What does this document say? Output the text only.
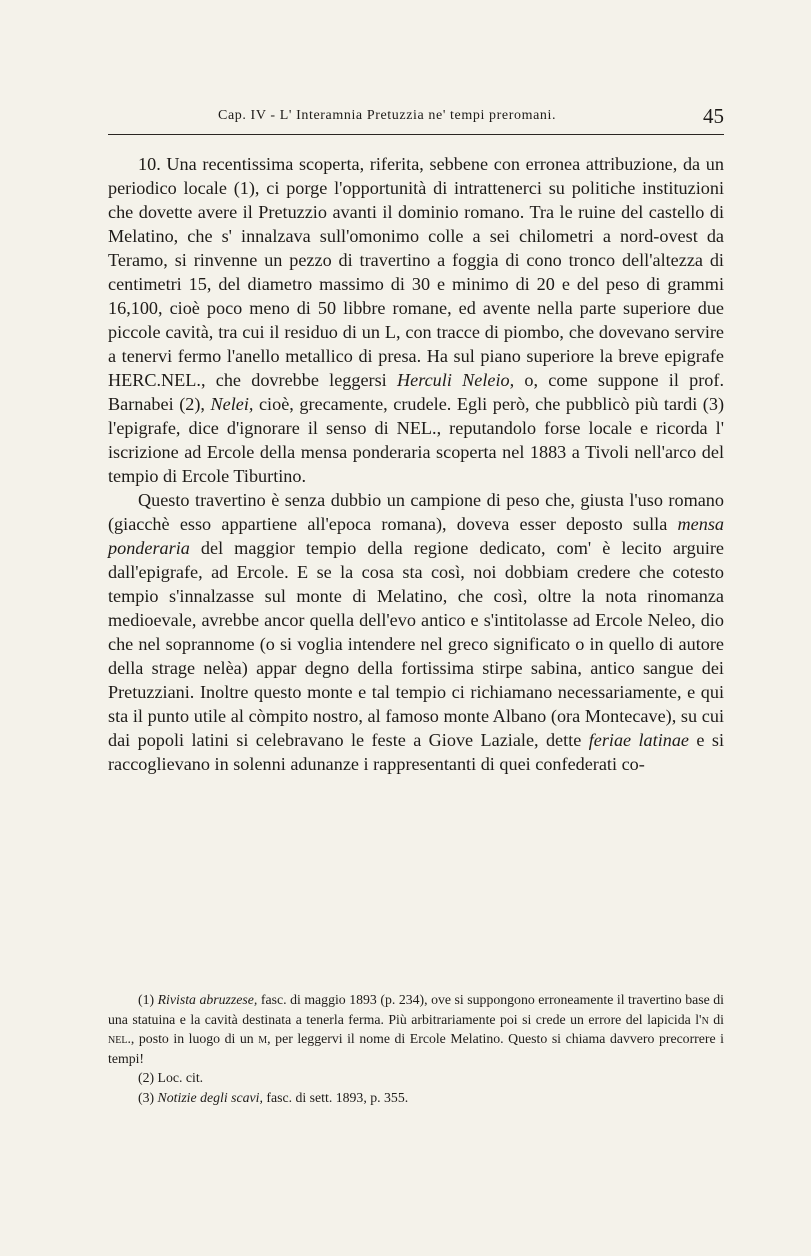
Cap. IV - L' Interamnia Pretuzzia ne' tempi preromani.	45

10. Una recentissima scoperta, riferita, sebbene con erronea attribuzione, da un periodico locale (1), ci porge l'opportunità di intrattenerci su politiche instituzioni che dovette avere il Pretuzzio avanti il dominio romano. Tra le ruine del castello di Melatino, che s' innalzava sull'omonimo colle a sei chilometri a nord-ovest da Teramo, si rinvenne un pezzo di travertino a foggia di cono tronco dell'altezza di centimetri 15, del diametro massimo di 30 e minimo di 20 e del peso di grammi 16,100, cioè poco meno di 50 libbre romane, ed avente nella parte superiore due piccole cavità, tra cui il residuo di un L, con tracce di piombo, che dovevano servire a tenervi fermo l'anello metallico di presa. Ha sul piano superiore la breve epigrafe HERC.NEL., che dovrebbe leggersi Herculi Neleio, o, come suppone il prof. Barnabei (2), Nelei, cioè, grecamente, crudele. Egli però, che pubblicò più tardi (3) l'epigrafe, dice d'ignorare il senso di NEL., reputandolo forse locale e ricorda l' iscrizione ad Ercole della mensa ponderaria scoperta nel 1883 a Tivoli nell'arco del tempio di Ercole Tiburtino.

Questo travertino è senza dubbio un campione di peso che, giusta l'uso romano (giacchè esso appartiene all'epoca romana), doveva esser deposto sulla mensa ponderaria del maggior tempio della regione dedicato, com' è lecito arguire dall'epigrafe, ad Ercole. E se la cosa sta così, noi dobbiam credere che cotesto tempio s'innalzasse sul monte di Melatino, che così, oltre la nota rinomanza medioevale, avrebbe ancor quella dell'evo antico e s'intitolasse ad Ercole Neleo, dio che nel soprannome (o si voglia intendere nel greco significato o in quello di autore della strage nelèa) appar degno della fortissima stirpe sabina, antico sangue dei Pretuzziani. Inoltre questo monte e tal tempio ci richiamano necessariamente, e qui sta il punto utile al còmpito nostro, al famoso monte Albano (ora Montecave), su cui dai popoli latini si celebravano le feste a Giove Laziale, dette feriae latinae e si raccoglievano in solenni adunanze i rappresentanti di quei confederati co-

(1) Rivista abruzzese, fasc. di maggio 1893 (p. 234), ove si suppongono erroneamente il travertino base di una statuina e la cavità destinata a tenerla ferma. Più arbitrariamente poi si crede un errore del lapicida l'n di nel., posto in luogo di un m, per leggervi il nome di Ercole Melatino. Questo si chiama davvero precorrere i tempi!

(2) Loc. cit.

(3) Notizie degli scavi, fasc. di sett. 1893, p. 355.
